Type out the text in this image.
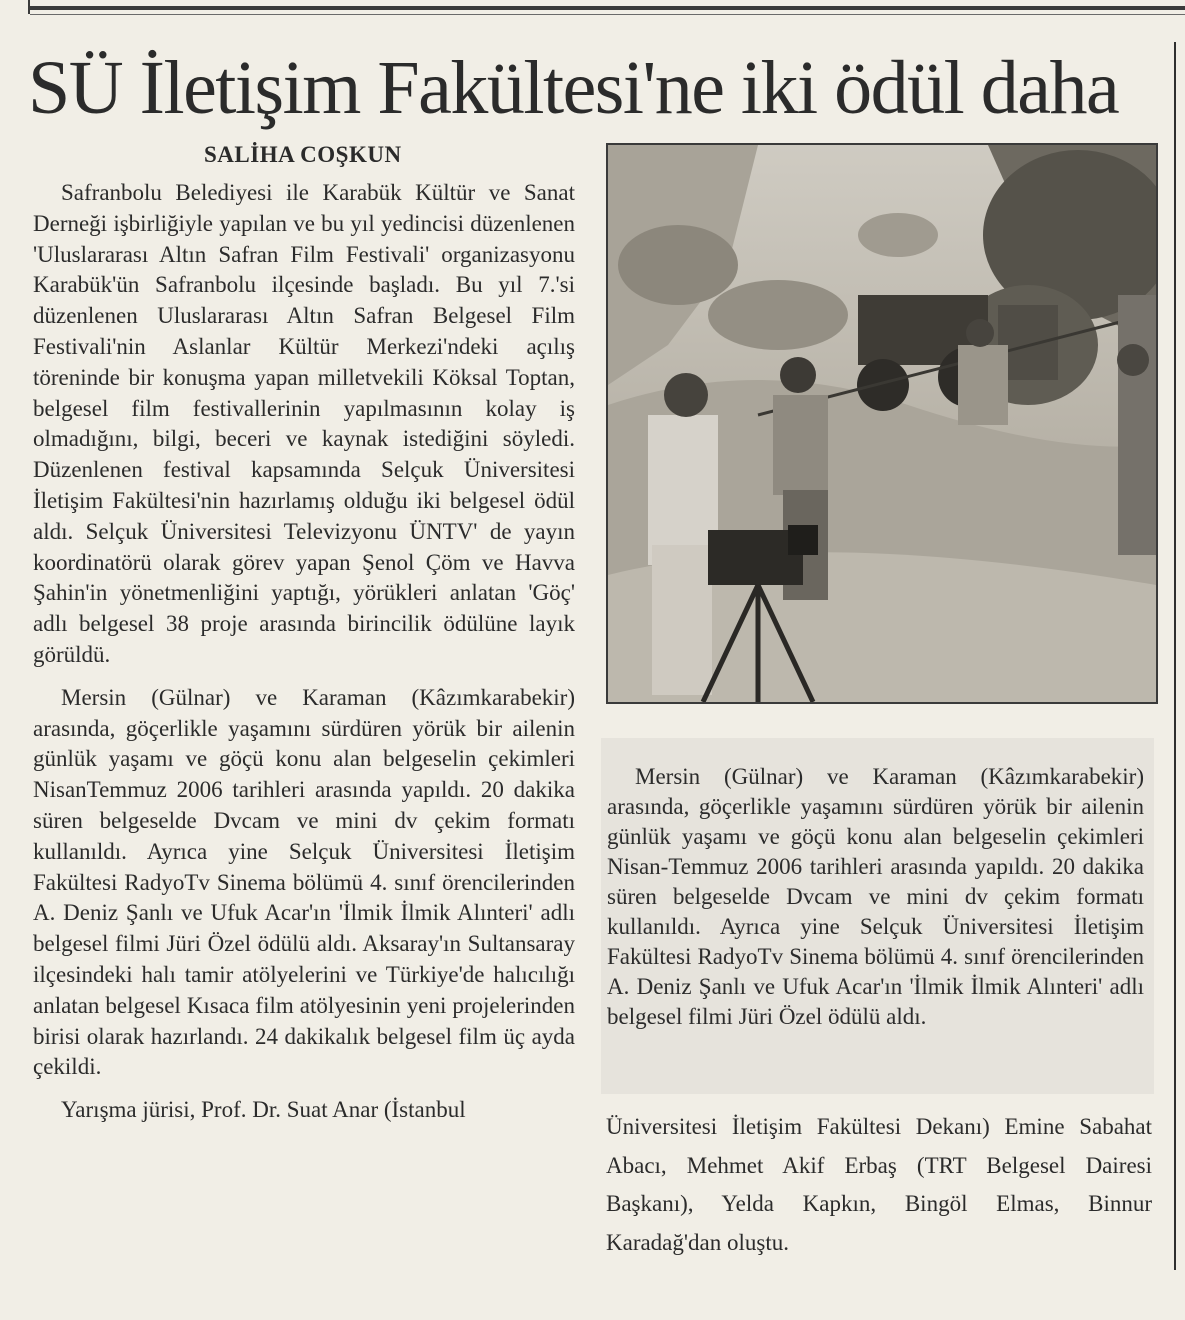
SÜ İletişim Fakültesi'ne iki ödül daha

SALİHA COŞKUN

Safranbolu Belediyesi ile Karabük Kültür ve Sanat Derneği işbirliğiyle yapılan ve bu yıl yedincisi düzenlenen 'Uluslararası Altın Safran Film Festivali' organizasyonu Karabük'ün Safranbolu ilçesinde başladı. Bu yıl 7.'si düzenlenen Uluslararası Altın Safran Belgesel Film Festivali'nin Aslanlar Kültür Merkezi'ndeki açılış töreninde bir konuşma yapan milletvekili Köksal Toptan, belgesel film festivallerinin yapılmasının kolay iş olmadığını, bilgi, beceri ve kaynak istediğini söyledi. Düzenlenen festival kapsamında Selçuk Üniversitesi İletişim Fakültesi'nin hazırlamış olduğu iki belgesel ödül aldı. Selçuk Üniversitesi Televizyonu ÜNTV' de yayın koordinatörü olarak görev yapan Şenol Çöm ve Havva Şahin'in yönetmenliğini yaptığı, yörükleri anlatan 'Göç' adlı belgesel 38 proje arasında birincilik ödülüne layık görüldü.

Mersin (Gülnar) ve Karaman (Kâzımkarabekir) arasında, göçerlikle yaşamını sürdüren yörük bir ailenin günlük yaşamı ve göçü konu alan belgeselin çekimleri NisanTemmuz 2006 tarihleri arasında yapıldı. 20 dakika süren belgeselde Dvcam ve mini dv çekim formatı kullanıldı. Ayrıca yine Selçuk Üniversitesi İletişim Fakültesi RadyoTv Sinema bölümü 4. sınıf örencilerinden A. Deniz Şanlı ve Ufuk Acar'ın 'İlmik İlmik Alınteri' adlı belgesel filmi Jüri Özel ödülü aldı. Aksaray'ın Sultansaray ilçesindeki halı tamir atölyelerini ve Türkiye'de halıcılığı anlatan belgesel Kısaca film atölyesinin yeni projelerinden birisi olarak hazırlandı. 24 dakikalık belgesel film üç ayda çekildi.

Yarışma jürisi, Prof. Dr. Suat Anar (İstanbul

Mersin (Gülnar) ve Karaman (Kâzımkarabekir) arasında, göçerlikle yaşamını sürdüren yörük bir ailenin günlük yaşamı ve göçü konu alan belgeselin çekimleri Nisan-Temmuz 2006 tarihleri arasında yapıldı. 20 dakika süren belgeselde Dvcam ve mini dv çekim formatı kullanıldı. Ayrıca yine Selçuk Üniversitesi İletişim Fakültesi RadyoTv Sinema bölümü 4. sınıf örencilerinden A. Deniz Şanlı ve Ufuk Acar'ın 'İlmik İlmik Alınteri' adlı belgesel filmi Jüri Özel ödülü aldı.

Üniversitesi İletişim Fakültesi Dekanı) Emine Sabahat Abacı, Mehmet Akif Erbaş (TRT Belgesel Dairesi Başkanı), Yelda Kapkın, Bingöl Elmas, Binnur Karadağ'dan oluştu.
